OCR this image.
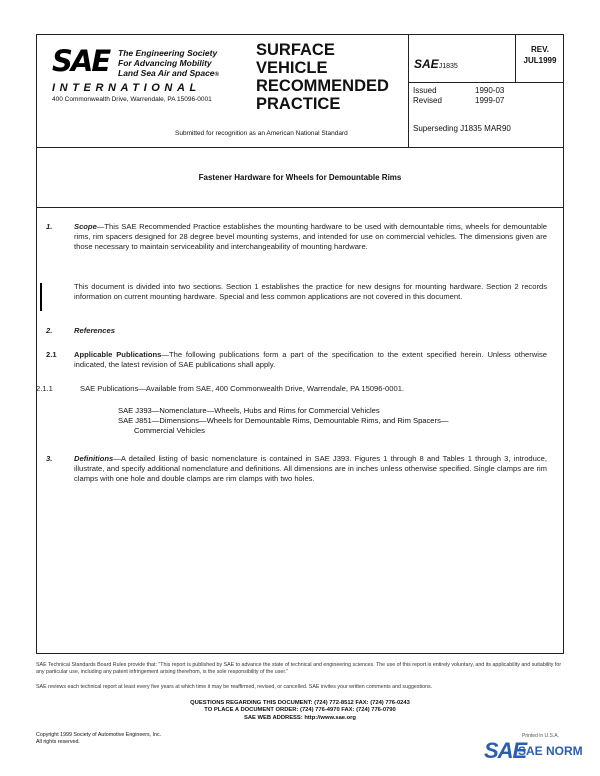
SAE The Engineering Society
For Advancing Mobility
Land Sea Air and Space®
INTERNATIONAL
400 Commonwealth Drive, Warrendale, PA 15096-0001
SURFACE
VEHICLE
RECOMMENDED
PRACTICE
SAEJ1835
REV.
JUL1999
Issued	1990-03
Revised	1999-07
Superseding J1835 MAR90
Submitted for recognition as an American National Standard
Fastener Hardware for Wheels for Demountable Rims
1.	Scope—This SAE Recommended Practice establishes the mounting hardware to be used with demountable rims, wheels for demountable rims, rim spacers designed for 28 degree bevel mounting systems, and intended for use on commercial vehicles. The dimensions given are those necessary to maintain serviceability and interchangeability of mounting hardware.
This document is divided into two sections. Section 1 establishes the practice for new designs for mounting hardware. Section 2 records information on current mounting hardware. Special and less common applications are not covered in this document.
2.	References
2.1 Applicable Publications—The following publications form a part of the specification to the extent specified herein. Unless otherwise indicated, the latest revision of SAE publications shall apply.
2.1.1	SAE Publications—Available from SAE, 400 Commonwealth Drive, Warrendale, PA 15096-0001.
SAE J393—Nomenclature—Wheels, Hubs and Rims for Commercial Vehicles
SAE J851—Dimensions—Wheels for Demountable Rims, Demountable Rims, and Rim Spacers—
Commercial Vehicles
3.	Definitions—A detailed listing of basic nomenclature is contained in SAE J393. Figures 1 through 8 and Tables 1 through 3, introduce, illustrate, and specify additional nomenclature and definitions. All dimensions are in inches unless otherwise specified. Single clamps are rim clamps with one hole and double clamps are rim clamps with two holes.
SAE Technical Standards Board Rules provide that: "This report is published by SAE to advance the state of technical and engineering sciences. The use of this report is entirely voluntary, and its applicability and suitability for any particular use, including any patent infringement arising therefrom, is the sole responsibility of the user."
SAE reviews each technical report at least every five years at which time it may be reaffirmed, revised, or cancelled. SAE invites your written comments and suggestions.
QUESTIONS REGARDING THIS DOCUMENT: (724) 772-8512 FAX: (724) 776-0243
TO PLACE A DOCUMENT ORDER: (724) 776-4970 FAX: (724) 776-0790
SAE WEB ADDRESS: http://www.sae.org
Copyright 1999 Society of Automotive Engineers, Inc.
All rights reserved.
Printed in U.S.A.
SAE
SAE NORM
